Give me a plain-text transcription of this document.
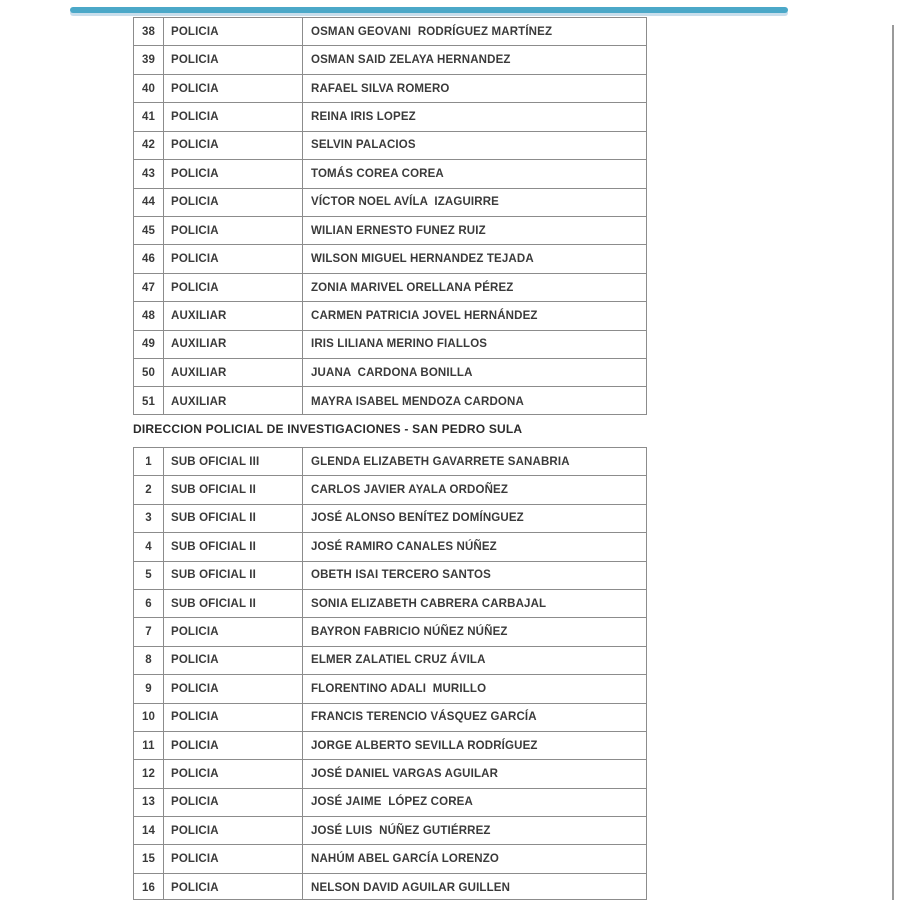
38	POLICIA	OSMAN GEOVANI  RODRÍGUEZ MARTÍNEZ
39	POLICIA	OSMAN SAID ZELAYA HERNANDEZ
40	POLICIA	RAFAEL SILVA ROMERO
41	POLICIA	REINA IRIS LOPEZ
42	POLICIA	SELVIN PALACIOS
43	POLICIA	TOMÁS COREA COREA
44	POLICIA	VÍCTOR NOEL AVÍLA  IZAGUIRRE
45	POLICIA	WILIAN ERNESTO FUNEZ RUIZ
46	POLICIA	WILSON MIGUEL HERNANDEZ TEJADA
47	POLICIA	ZONIA MARIVEL ORELLANA PÉREZ
48	AUXILIAR	CARMEN PATRICIA JOVEL HERNÁNDEZ
49	AUXILIAR	IRIS LILIANA MERINO FIALLOS
50	AUXILIAR	JUANA  CARDONA BONILLA
51	AUXILIAR	MAYRA ISABEL MENDOZA CARDONA
DIRECCION POLICIAL DE INVESTIGACIONES - SAN PEDRO SULA
1	SUB OFICIAL III	GLENDA ELIZABETH GAVARRETE SANABRIA
2	SUB OFICIAL II	CARLOS JAVIER AYALA ORDOÑEZ
3	SUB OFICIAL II	JOSÉ ALONSO BENÍTEZ DOMÍNGUEZ
4	SUB OFICIAL II	JOSÉ RAMIRO CANALES NÚÑEZ
5	SUB OFICIAL II	OBETH ISAI TERCERO SANTOS
6	SUB OFICIAL II	SONIA ELIZABETH CABRERA CARBAJAL
7	POLICIA	BAYRON FABRICIO NÚÑEZ NÚÑEZ
8	POLICIA	ELMER ZALATIEL CRUZ ÁVILA
9	POLICIA	FLORENTINO ADALI  MURILLO
10	POLICIA	FRANCIS TERENCIO VÁSQUEZ GARCÍA
11	POLICIA	JORGE ALBERTO SEVILLA RODRÍGUEZ
12	POLICIA	JOSÉ DANIEL VARGAS AGUILAR
13	POLICIA	JOSÉ JAIME  LÓPEZ COREA
14	POLICIA	JOSÉ LUIS  NÚÑEZ GUTIÉRREZ
15	POLICIA	NAHÚM ABEL GARCÍA LORENZO
16	POLICIA	NELSON DAVID AGUILAR GUILLEN
